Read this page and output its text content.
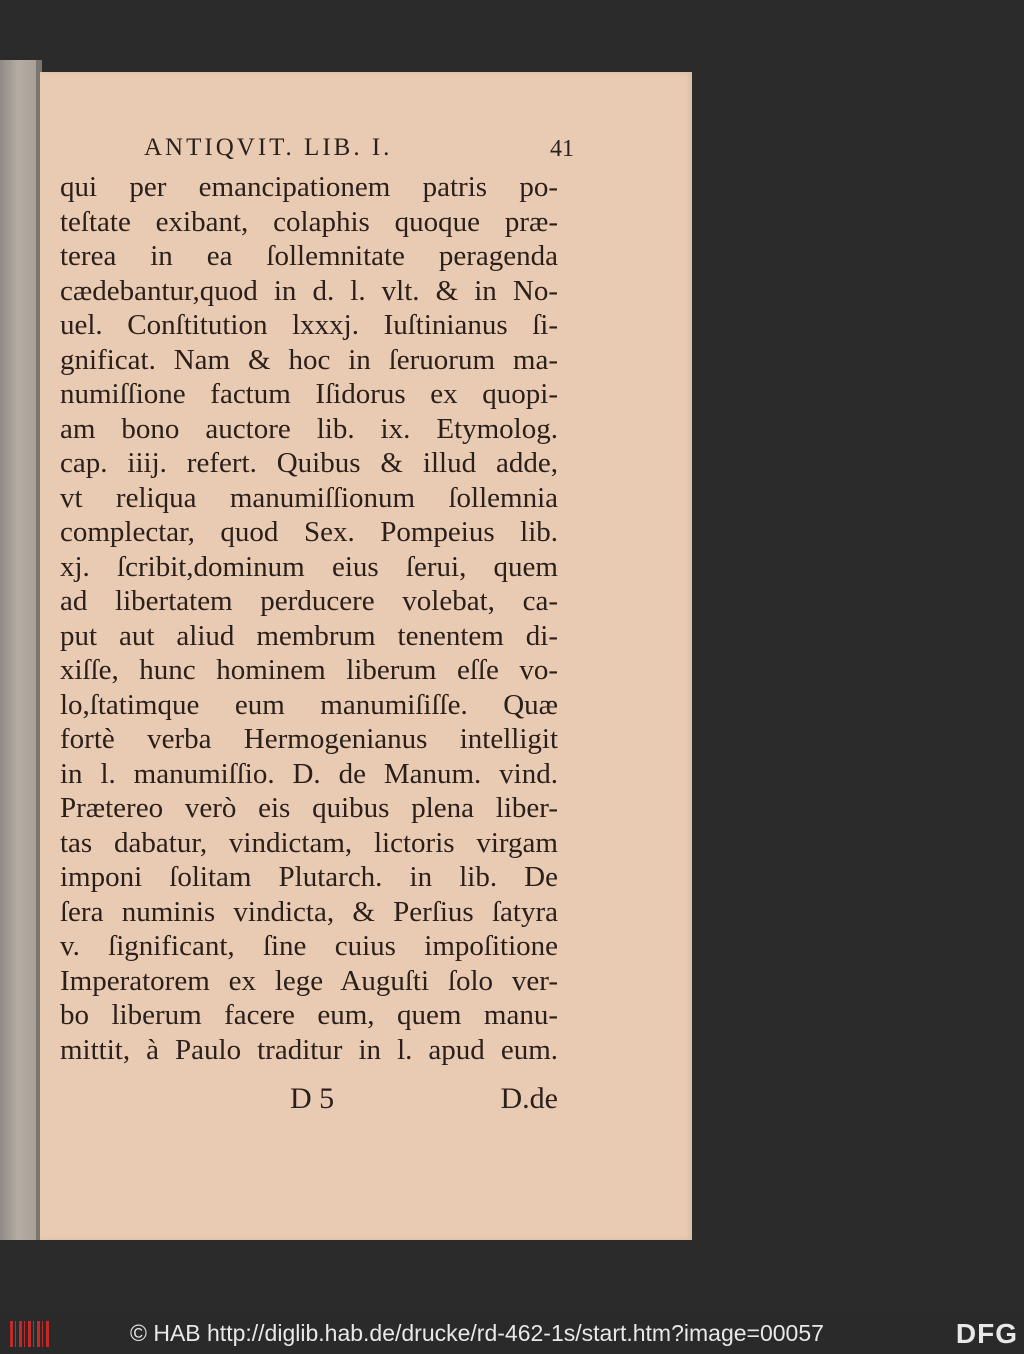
ANTIQVIT. LIB. I.	41
qui per emancipationem patris po-
teſtate exibant, colaphis quoque præ-
terea in ea ſollemnitate peragenda
cædebantur,quod in d. l. vlt. & in No-
uel. Conſtitution lxxxj. Iuſtinianus ſi-
gnificat. Nam & hoc in ſeruorum ma-
numiſſione factum Iſidorus ex quopi-
am bono auctore lib. ix. Etymolog.
cap. iiij. refert. Quibus & illud adde,
vt reliqua manumiſſionum ſollemnia
complectar, quod Sex. Pompeius lib.
xj. ſcribit,dominum eius ſerui, quem
ad libertatem perducere volebat, ca-
put aut aliud membrum tenentem di-
xiſſe, hunc hominem liberum eſſe vo-
lo,ſtatimque eum manumiſiſſe. Quæ
fortè verba Hermogenianus intelligit
in l. manumiſſio. D. de Manum. vind.
Prætereo verò eis quibus plena liber-
tas dabatur, vindictam, lictoris virgam
imponi ſolitam Plutarch. in lib. De
ſera numinis vindicta, & Perſius ſatyra
v. ſignificant, ſine cuius impoſitione
Imperatorem ex lege Auguſti ſolo ver-
bo liberum facere eum, quem manu-
mittit, à Paulo traditur in l. apud eum.
D 5	D.de
© HAB http://diglib.hab.de/drucke/rd-462-1s/start.htm?image=00057	DFG
